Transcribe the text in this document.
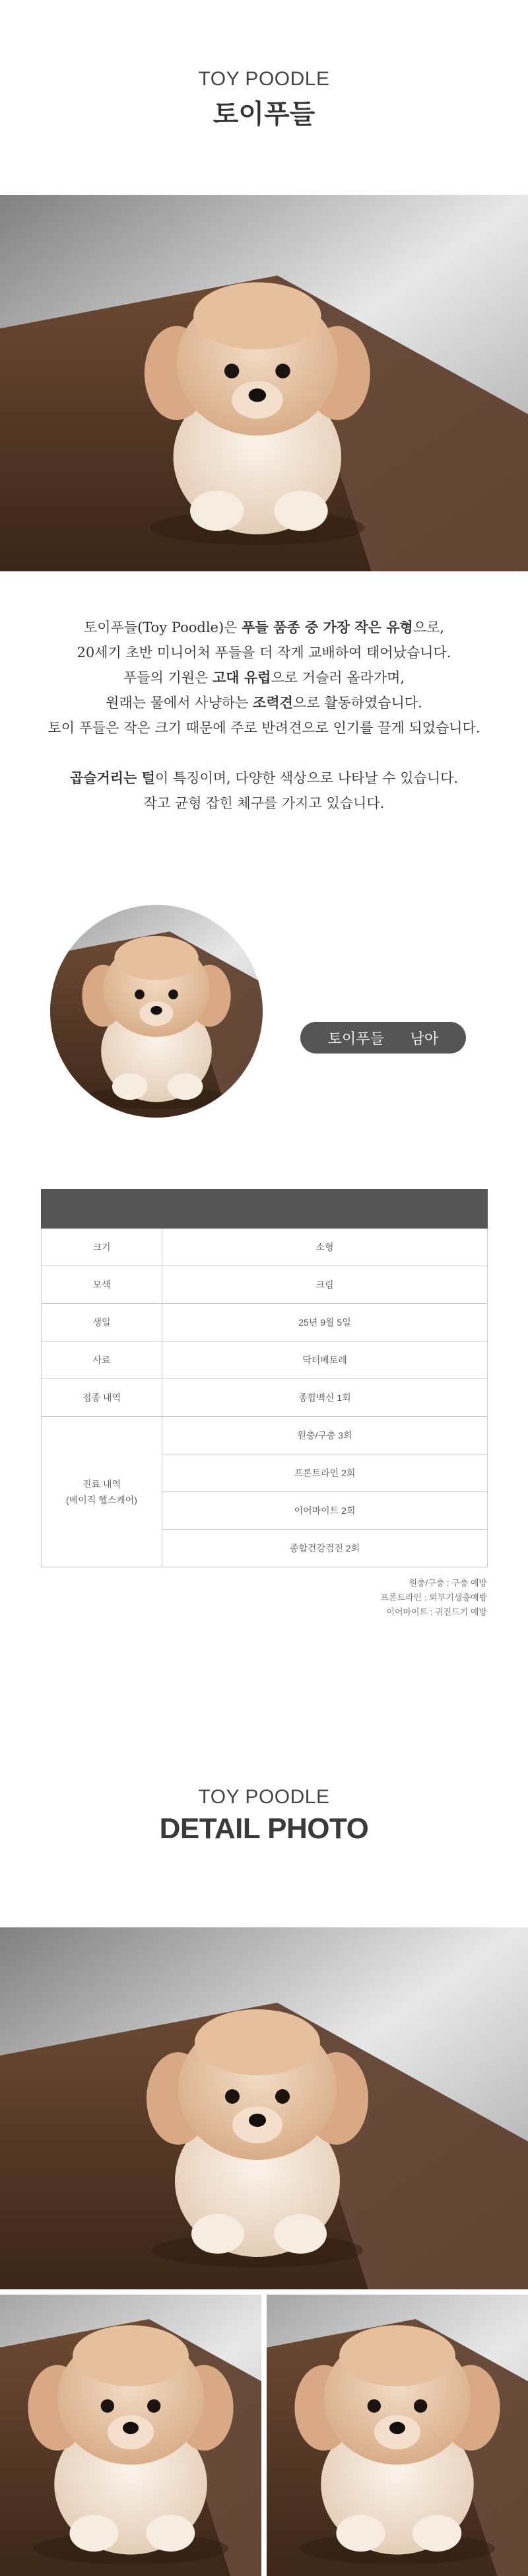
TOY POODLE
토이푸들

토이푸들(Toy Poodle)은 푸들 품종 중 가장 작은 유형으로,

20세기 초반 미니어처 푸들을 더 작게 교배하여 태어났습니다.

푸들의 기원은 고대 유럽으로 거슬러 올라가며,

원래는 물에서 사냥하는 조력견으로 활동하였습니다.

토이 푸들은 작은 크기 때문에 주로 반려견으로 인기를 끌게 되었습니다.

곱슬거리는 털이 특징이며, 다양한 색상으로 나타날 수 있습니다.

작고 균형 잡힌 체구를 가지고 있습니다.

토이푸들 남아

크기	소형
모색	크림
생일	25년 9월 5일
사료	닥터베토레
접종 내역	종합백신 1회

진료 내역
(베이직 헬스케어)	원충/구충 3회
	프론트라인 2회
	이어마이트 2회
	종합건강검진 2회
원충/구충 : 구충 예방
프론트라인 : 외부기생충예방
이어마이트 : 귀진드기 예방
TOY POODLE
DETAIL PHOTO
